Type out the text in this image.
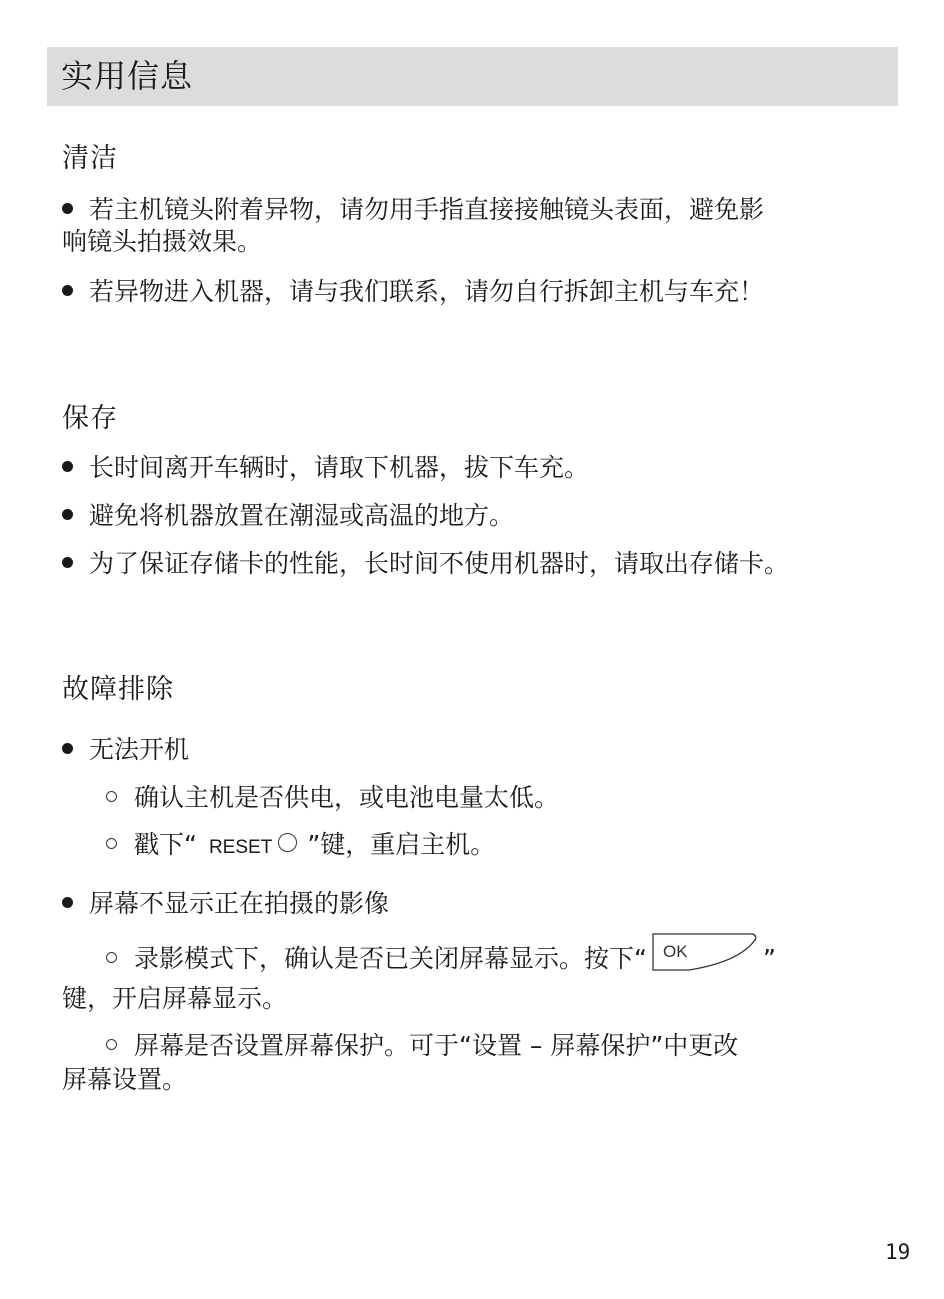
实用信息
清洁
若主机镜头附着异物，请勿用手指直接接触镜头表面，避免影
响镜头拍摄效果。
若异物进入机器，请与我们联系，请勿自行拆卸主机与车充！
保存
长时间离开车辆时，请取下机器，拔下车充。
避免将机器放置在潮湿或高温的地方。
为了保证存储卡的性能，长时间不使用机器时，请取出存储卡。
故障排除
无法开机
确认主机是否供电，或电池电量太低。
戳下“ RESET ”键，重启主机。
屏幕不显示正在拍摄的影像
录影模式下，确认是否已关闭屏幕显示。按下“ OK	”
键，开启屏幕显示。
屏幕是否设置屏幕保护。可于“设置 – 屏幕保护”中更改
屏幕设置。
19
